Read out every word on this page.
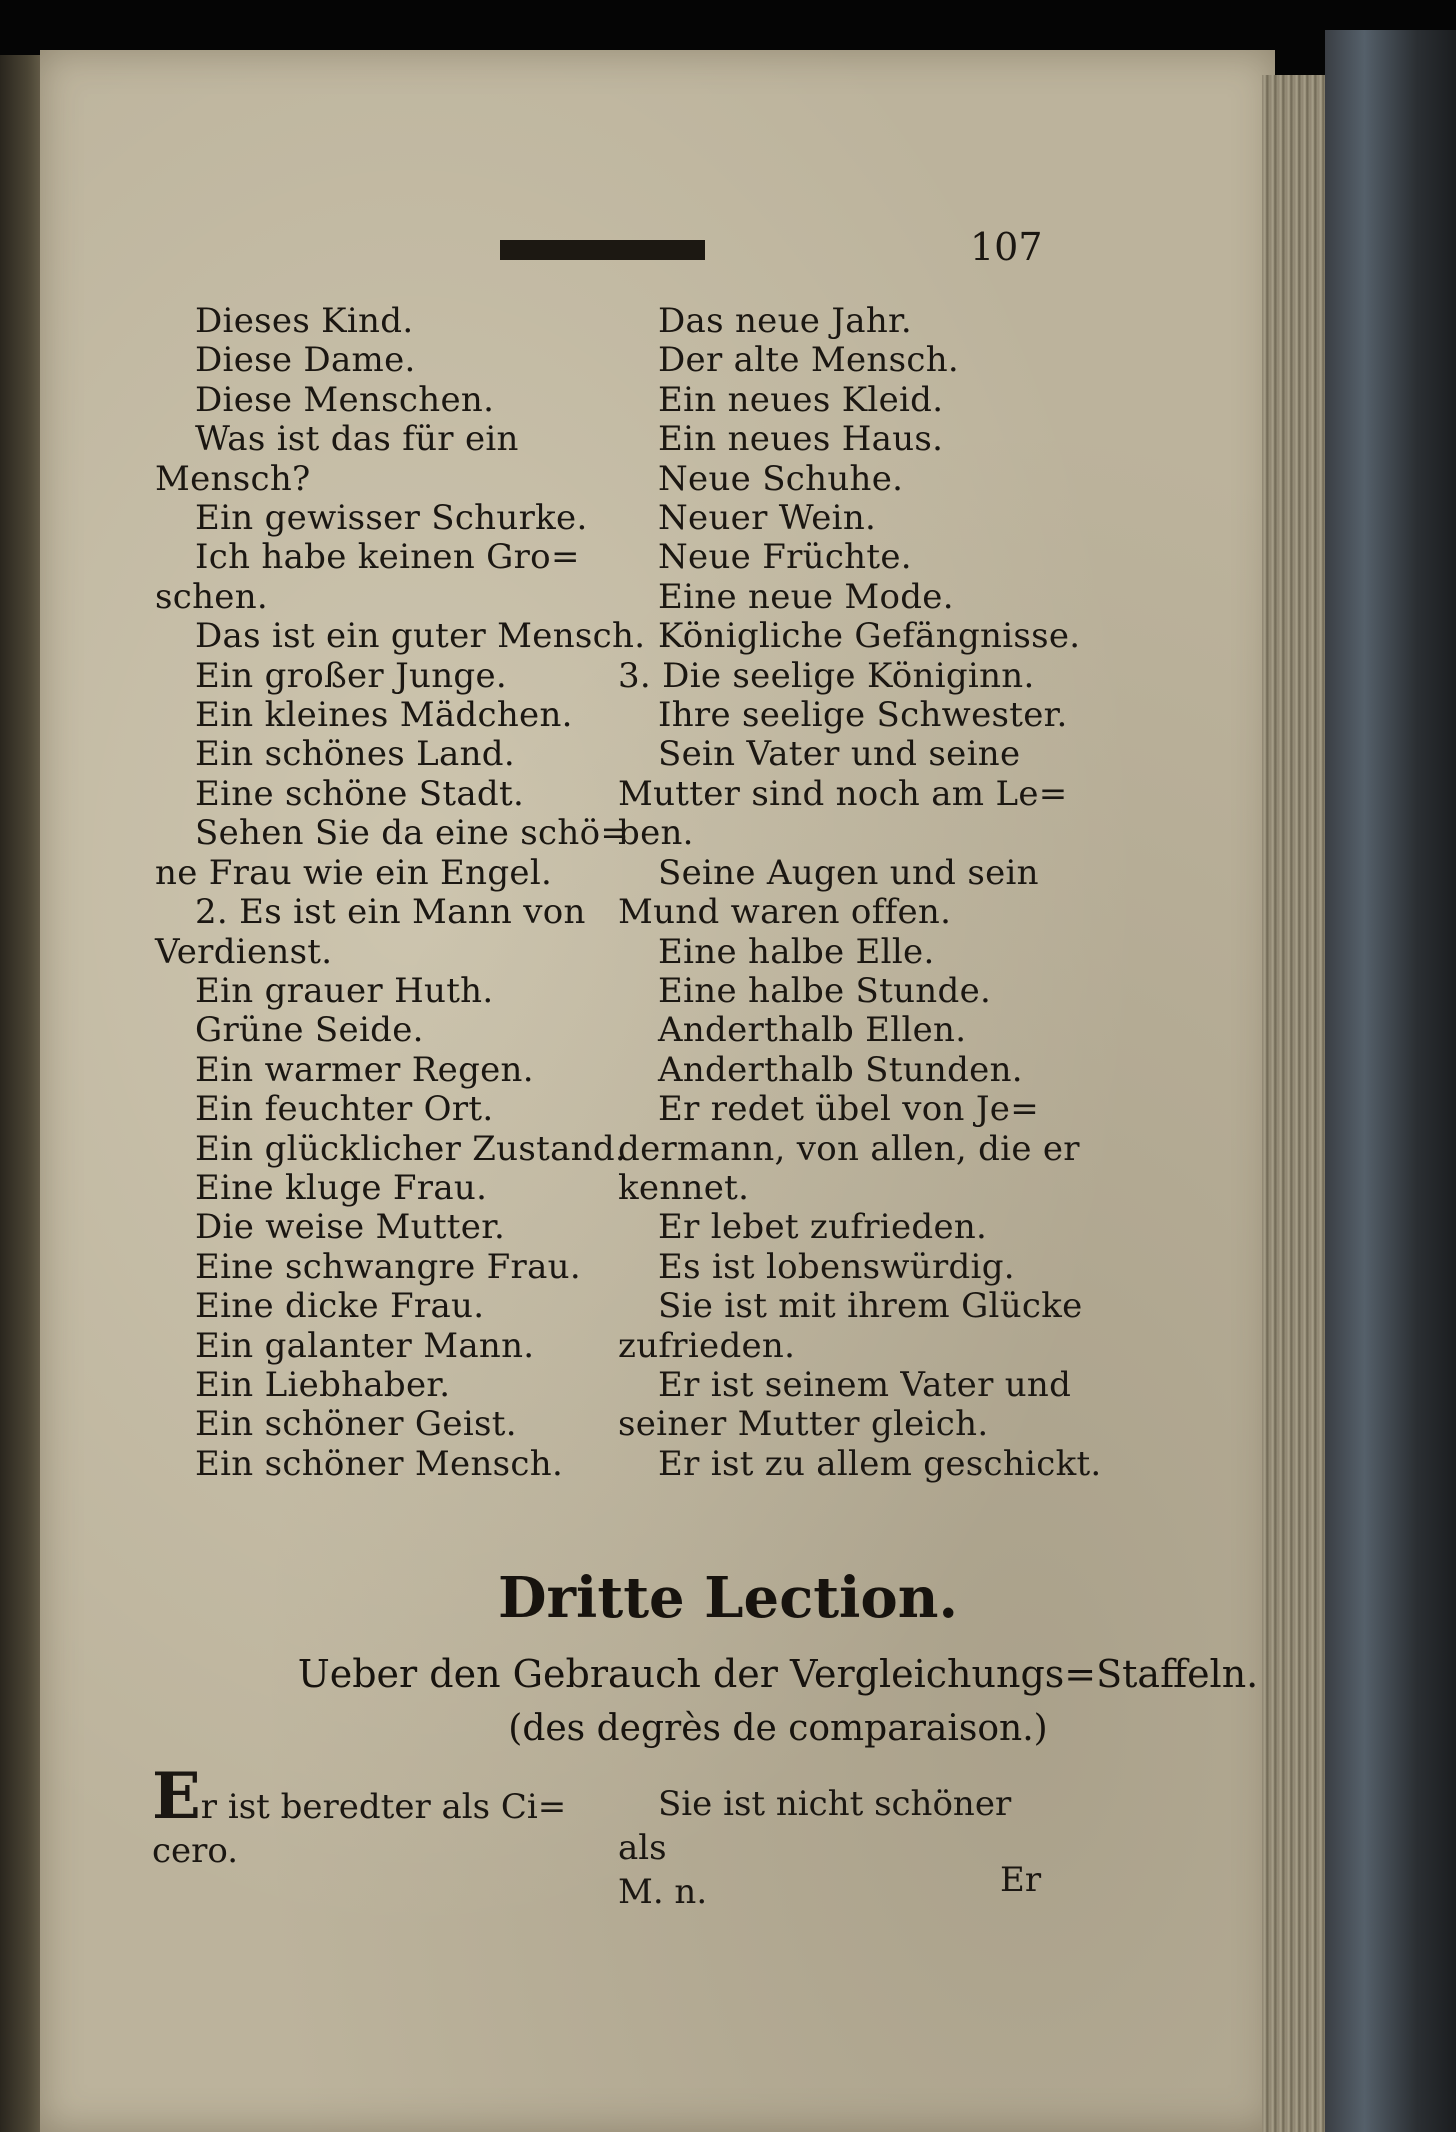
107
Dieses Kind.
Diese Dame.
Diese Menschen.
Was ist das für ein
Mensch?
Ein gewisser Schurke.
Ich habe keinen Gro=
schen.
Das ist ein guter Mensch.
Ein großer Junge.
Ein kleines Mädchen.
Ein schönes Land.
Eine schöne Stadt.
Sehen Sie da eine schö=
ne Frau wie ein Engel.
2. Es ist ein Mann von
Verdienst.
Ein grauer Huth.
Grüne Seide.
Ein warmer Regen.
Ein feuchter Ort.
Ein glücklicher Zustand.
Eine kluge Frau.
Die weise Mutter.
Eine schwangre Frau.
Eine dicke Frau.
Ein galanter Mann.
Ein Liebhaber.
Ein schöner Geist.
Ein schöner Mensch.
Das neue Jahr.
Der alte Mensch.
Ein neues Kleid.
Ein neues Haus.
Neue Schuhe.
Neuer Wein.
Neue Früchte.
Eine neue Mode.
Königliche Gefängnisse.
3. Die seelige Königinn.
Ihre seelige Schwester.
Sein Vater und seine
Mutter sind noch am Le=
ben.
Seine Augen und sein
Mund waren offen.
Eine halbe Elle.
Eine halbe Stunde.
Anderthalb Ellen.
Anderthalb Stunden.
Er redet übel von Je=
dermann, von allen, die er
kennet.
Er lebet zufrieden.
Es ist lobenswürdig.
Sie ist mit ihrem Glücke
zufrieden.
Er ist seinem Vater und
seiner Mutter gleich.
Er ist zu allem geschickt.
Dritte Lection.
Ueber den Gebrauch der Vergleichungs=Staffeln.
(des degrès de comparaison.)
Er ist beredter als Ci=
cero.
Sie ist nicht schöner als
M. n.	Er
